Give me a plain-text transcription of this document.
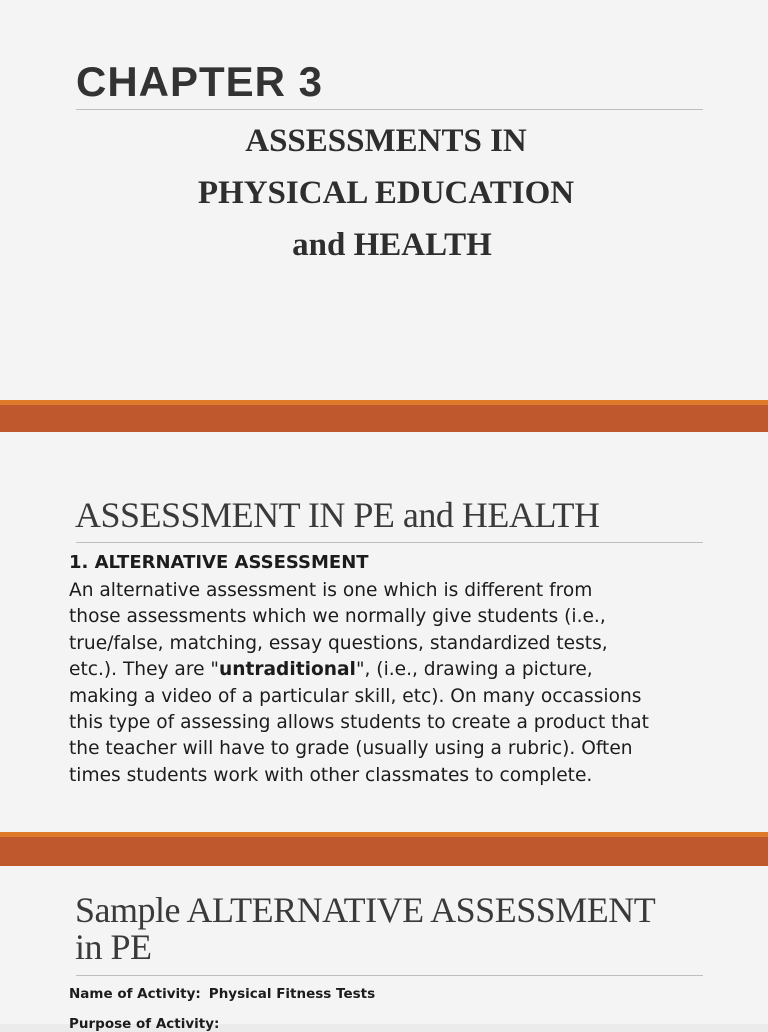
CHAPTER 3
ASSESSMENTS IN
PHYSICAL EDUCATION
and HEALTH
ASSESSMENT IN PE and HEALTH
1. ALTERNATIVE ASSESSMENT
An alternative assessment is one which is different from
those assessments which we normally give students (i.e.,
true/false, matching, essay questions, standardized tests,
etc.). They are "untraditional", (i.e., drawing a picture,
making a video of a particular skill, etc). On many occassions
this type of assessing allows students to create a product that
the teacher will have to grade (usually using a rubric). Often
times students work with other classmates to complete.
Sample ALTERNATIVE ASSESSMENT
in PE
Name of Activity: Physical Fitness Tests
Purpose of Activity:
